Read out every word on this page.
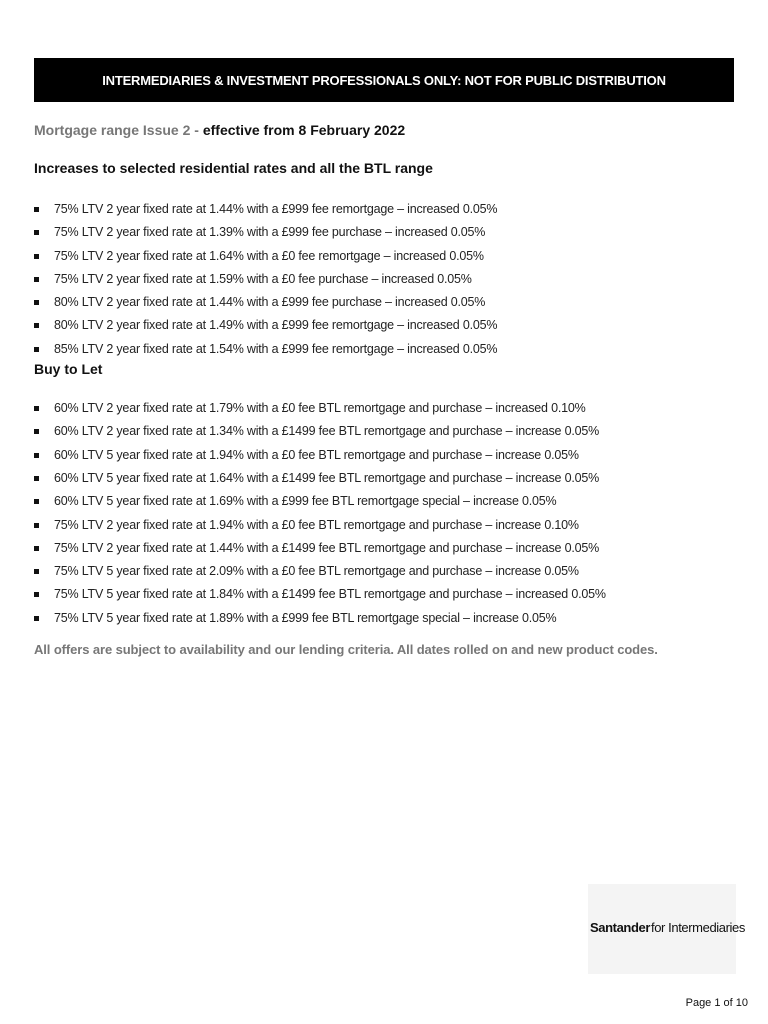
INTERMEDIARIES & INVESTMENT PROFESSIONALS ONLY: NOT FOR PUBLIC DISTRIBUTION

Mortgage range Issue 2 - effective from 8 February 2022

Increases to selected residential rates and all the BTL range
75% LTV 2 year fixed rate at 1.44% with a £999 fee remortgage – increased 0.05%
75% LTV 2 year fixed rate at 1.39% with a £999 fee purchase – increased 0.05%
75% LTV 2 year fixed rate at 1.64% with a £0 fee remortgage – increased 0.05%
75% LTV 2 year fixed rate at 1.59% with a £0 fee purchase – increased 0.05%
80% LTV 2 year fixed rate at 1.44% with a £999 fee purchase – increased 0.05%
80% LTV 2 year fixed rate at 1.49% with a £999 fee remortgage – increased 0.05%
85% LTV 2 year fixed rate at 1.54% with a £999 fee remortgage – increased 0.05%
Buy to Let
60% LTV 2 year fixed rate at 1.79% with a £0 fee BTL remortgage and purchase – increased 0.10%
60% LTV 2 year fixed rate at 1.34% with a £1499 fee BTL remortgage and purchase – increase 0.05%
60% LTV 5 year fixed rate at 1.94% with a £0 fee BTL remortgage and purchase – increase 0.05%
60% LTV 5 year fixed rate at 1.64% with a £1499 fee BTL remortgage and purchase – increase 0.05%
60% LTV 5 year fixed rate at 1.69% with a £999 fee BTL remortgage special – increase 0.05%
75% LTV 2 year fixed rate at 1.94% with a £0 fee BTL remortgage and purchase – increase 0.10%
75% LTV 2 year fixed rate at 1.44% with a £1499 fee BTL remortgage and purchase – increase 0.05%
75% LTV 5 year fixed rate at 2.09% with a £0 fee BTL remortgage and purchase – increase 0.05%
75% LTV 5 year fixed rate at 1.84% with a £1499 fee BTL remortgage and purchase – increased 0.05%
75% LTV 5 year fixed rate at 1.89% with a £999 fee BTL remortgage special – increase 0.05%

All offers are subject to availability and our lending criteria. All dates rolled on and new product codes.

Santander for Intermediaries
Page 1 of 10
